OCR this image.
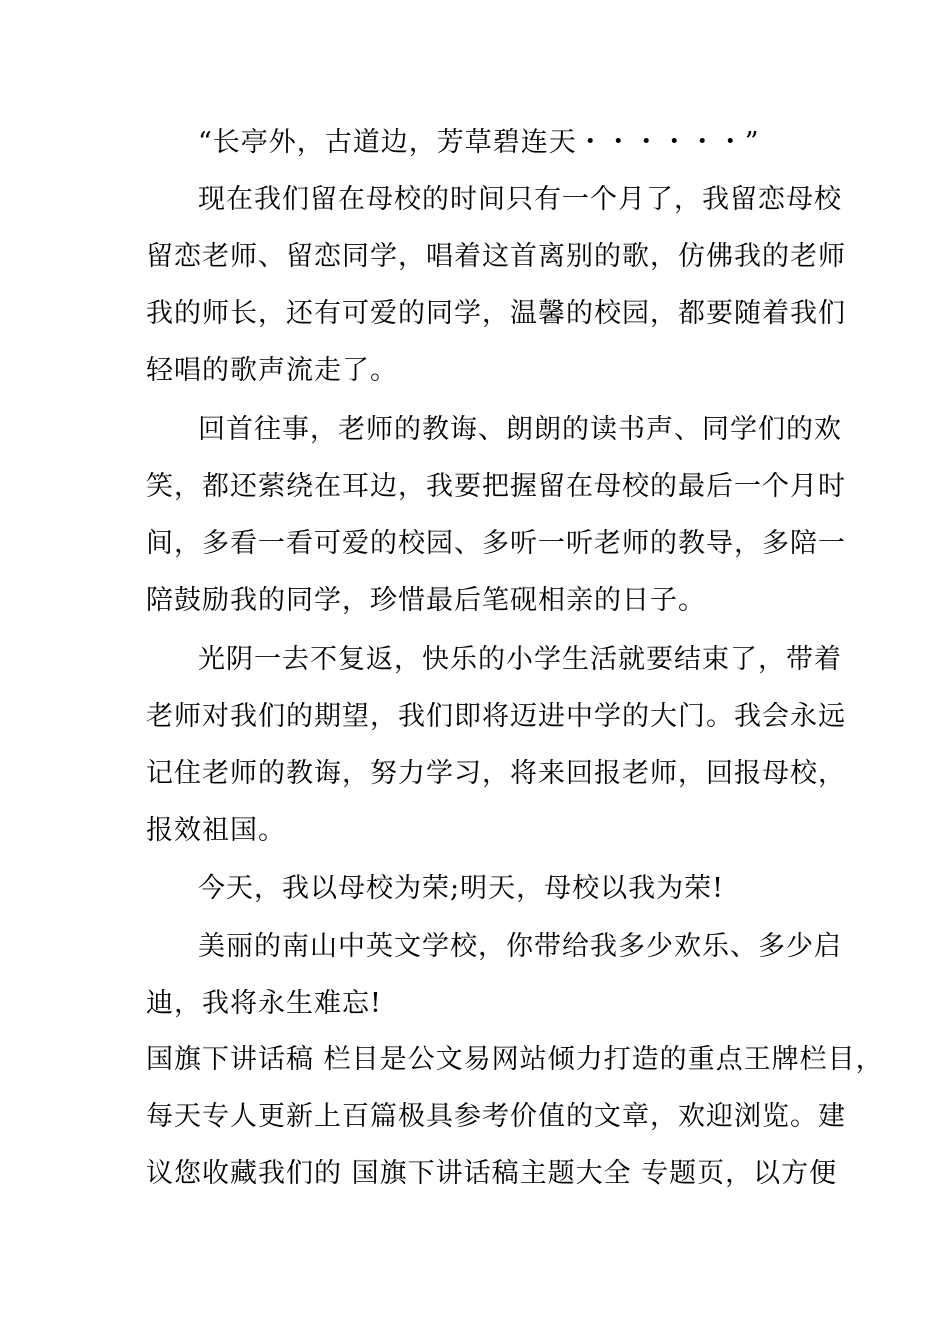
“长亭外，古道边，芳草碧连天・・・・・・”
现在我们留在母校的时间只有一个月了，我留恋母校
留恋老师、留恋同学，唱着这首离别的歌，仿佛我的老师
我的师长，还有可爱的同学，温馨的校园，都要随着我们
轻唱的歌声流走了。
回首往事，老师的教诲、朗朗的读书声、同学们的欢
笑，都还萦绕在耳边，我要把握留在母校的最后一个月时
间，多看一看可爱的校园、多听一听老师的教导，多陪一
陪鼓励我的同学，珍惜最后笔砚相亲的日子。
光阴一去不复返，快乐的小学生活就要结束了，带着
老师对我们的期望，我们即将迈进中学的大门。我会永远
记住老师的教诲，努力学习，将来回报老师，回报母校，
报效祖国。
今天，我以母校为荣;明天，母校以我为荣!
美丽的南山中英文学校，你带给我多少欢乐、多少启
迪，我将永生难忘!
国旗下讲话稿 栏目是公文易网站倾力打造的重点王牌栏目，
每天专人更新上百篇极具参考价值的文章，欢迎浏览。建
议您收藏我们的 国旗下讲话稿主题大全 专题页，以方便
